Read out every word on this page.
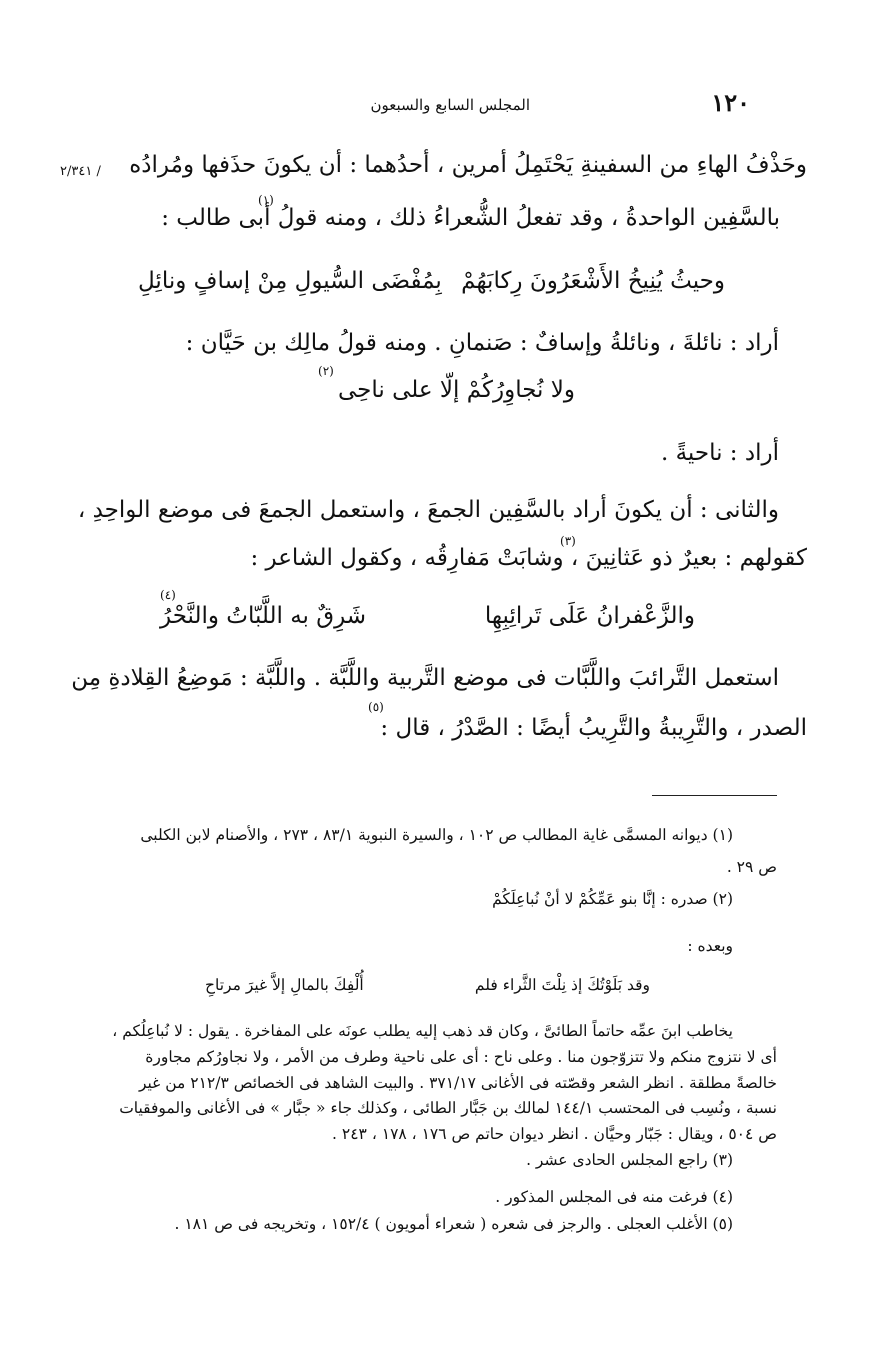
١٢٠
المجلس السابع والسبعون
٢/٣٤١ / وحَذْفُ الهاءِ من السفينةِ يَحْتَمِلُ أمرين ، أحدُهما : أن يكونَ حذَفها ومُرادُه
بالسَّفِين الواحدةُ ، وقد تفعلُ الشُّعراءُ ذلك ، ومنه قولُ أبى طالب :
وحيثُ يُنِيخُ الأَشْعَرُونَ رِكابَهُمْ
بِمُفْضَى السُّيولِ مِنْ إسافٍ ونائِلِ
أراد : نائلةَ ، ونائلةُ وإسافٌ : صَنمانِ . ومنه قولُ مالِك بن حَيَّان :
ولا نُجاوِرُكُمْ إلّا على ناحِى
أراد : ناحيةً .
والثانى : أن يكونَ أراد بالسَّفِين الجمعَ ، واستعمل الجمعَ فى موضع الواحِدِ ،
كقولهم : بعيرٌ ذو عَثانِينَ ، وشابَتْ مَفارِقُه ، وكقول الشاعر :
والزَّعْفرانُ عَلَى تَرائِبِهِا
شَرِقٌ به اللَّبّاتُ والنَّحْرُ
استعمل التَّرائبَ واللَّبَّات فى موضع التَّربية واللَّبَّة . واللَّبَّة : مَوضِعُ القِلادةِ مِن
الصدر ، والتَّرِيبةُ والتَّرِيبُ أيضًا : الصَّدْرُ ، قال :
(١)
(٢)
(٣)
(٤)
(٥)
(١) ديوانه المسمَّى غاية المطالب ص ١٠٢ ، والسيرة النبوية ٨٣/١ ، ٢٧٣ ، والأصنام لابن الكلبى
ص ٢٩ .
(٢) صدره : إنَّا بنو عَمِّكُمْ لا أنْ نُباعِلَكُمْ
وبعده :
وقد بَلَوْتُكَ إذ نِلْتَ الثَّراء فلم
أُلْفِكَ بالمالِ إلاَّ غيرَ مرتاحِ
يخاطب ابنَ عمِّه حاتماً الطائىَّ ، وكان قد ذهب إليه يطلب عونَه على المفاخرة . يقول : لا نُباعِلُكم ،
أى لا نتزوج منكم ولا تتزوّجون منا . وعلى ناح : أى على ناحية وطرف من الأمر ، ولا نجاورُكم مجاورة
خالصةً مطلقة . انظر الشعر وقصّته فى الأغانى ٣٧١/١٧ . والبيت الشاهد فى الخصائص ٢١٢/٣ من غير
نسبة ، ونُسِب فى المحتسب ١٤٤/١ لمالك بن جَبَّار الطائى ، وكذلك جاء « جبَّار » فى الأغانى والموفقيات
ص ٥٠٤ ، ويقال : جَبّار وحيَّان . انظر ديوان حاتم ص ١٧٦ ، ١٧٨ ، ٢٤٣ .
(٣) راجع المجلس الحادى عشر .
(٤) فرغت منه فى المجلس المذكور .
(٥) الأغلب العجلى . والرجز فى شعره ( شعراء أمويون ) ١٥٢/٤ ، وتخريجه فى ص ١٨١ .
